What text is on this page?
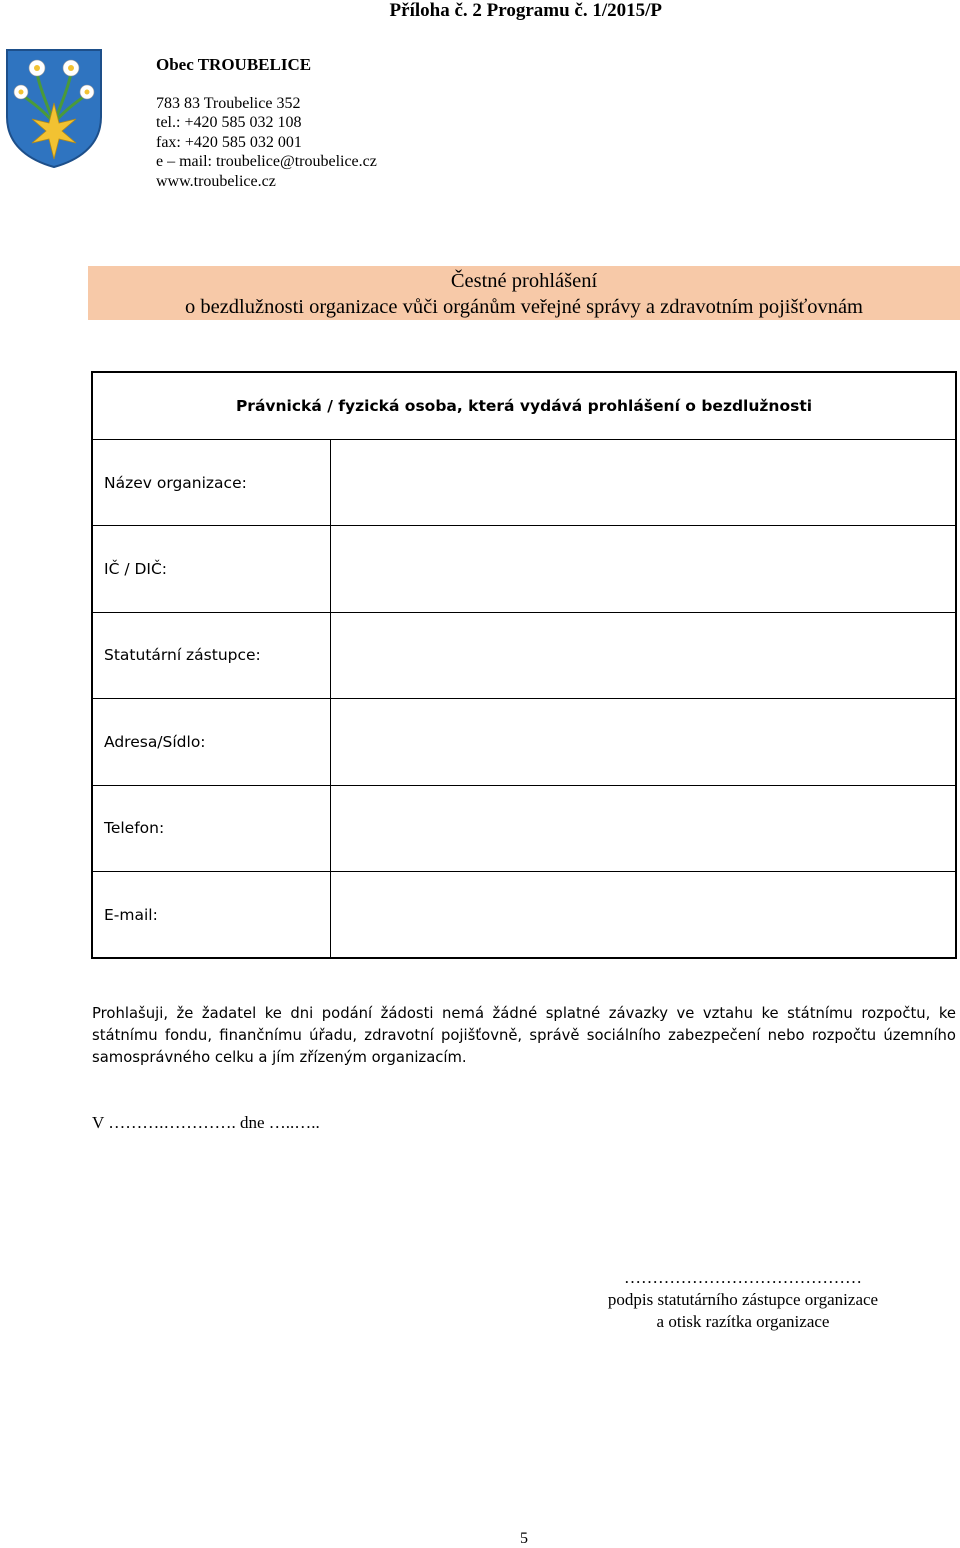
Příloha č. 2 Programu č. 1/2015/P
Obec TROUBELICE
783 83 Troubelice 352
tel.: +420 585 032 108
fax: +420 585 032 001
e – mail: troubelice@troubelice.cz
www.troubelice.cz
Čestné prohlášení
o bezdlužnosti organizace vůči orgánům veřejné správy a zdravotním pojišťovnám
Právnická / fyzická osoba, která vydává prohlášení o bezdlužnosti
Název organizace:
IČ / DIČ:
Statutární zástupce:
Adresa/Sídlo:
Telefon:
E-mail:
Prohlašuji, že žadatel ke dni podání žádosti nemá žádné splatné závazky ve vztahu ke státnímu rozpočtu, ke státnímu fondu, finančnímu úřadu, zdravotní pojišťovně, správě sociálního zabezpečení nebo rozpočtu územního samosprávného celku a jím zřízeným organizacím.
V ……….…………. dne …..…..
……………………………………
podpis statutárního zástupce organizace
a otisk razítka organizace
5
